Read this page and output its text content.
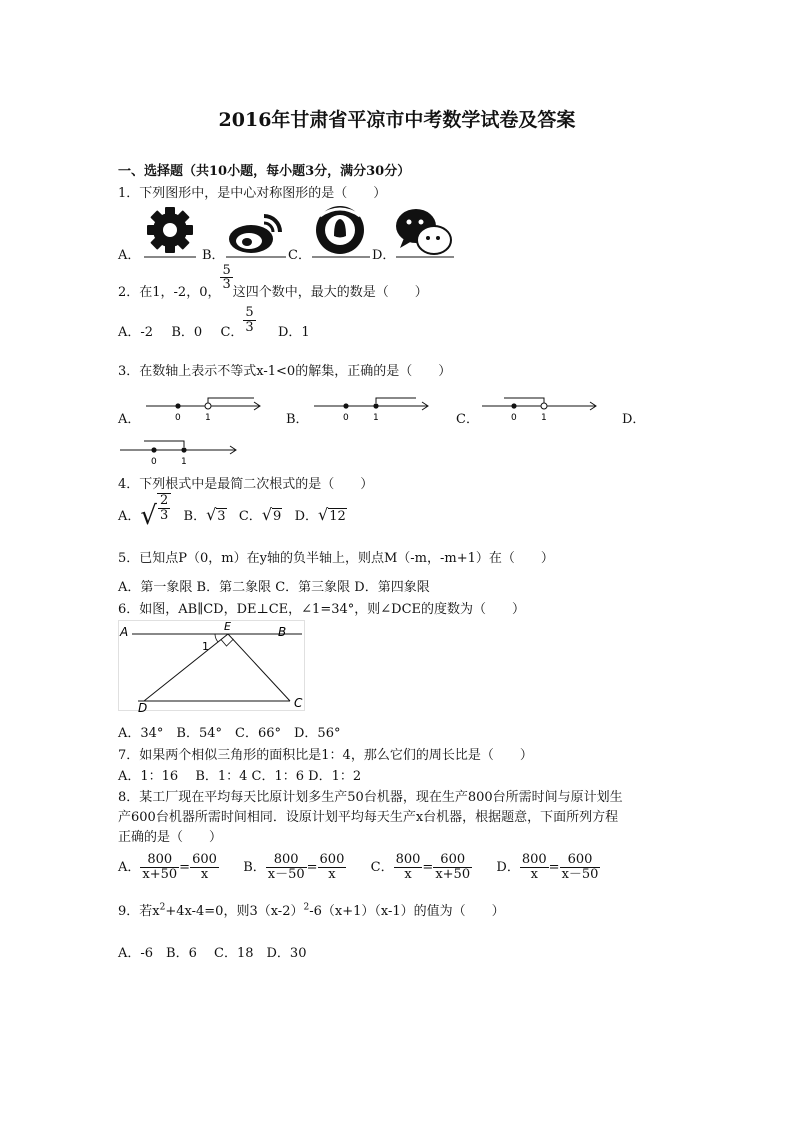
2016年甘肃省平凉市中考数学试卷及答案
一、选择题（共10小题，每小题3分，满分30分）
1．下列图形中，是中心对称图形的是（　　）
A．	B．	C．	D．
2．在1，-2，0，
$\frac{5}{3}$
这四个数中，最大的数是（　　）
A．-2 B．0 C． $\frac{5}{3}$ D．1
3．在数轴上表示不等式x-1<0的解集，正确的是（　　）
A．	0	1	B．	0	1	C．	0	1	D．
0	1
4．下列根式中是最简二次根式的是（　　）
A．√ $\frac{2}{3}$ B．√3 C．√9 D．√12
5．已知点P（0，m）在y轴的负半轴上，则点M（-m，-m+1）在（　　）
A．第一象限 B．第二象限 C．第三象限 D．第四象限
6．如图，AB∥CD，DE⊥CE，∠1=34°，则∠DCE的度数为（　　）
A	B
C
D
E
1
A．34°　B．54°　C．66°　D．56°
7．如果两个相似三角形的面积比是1：4，那么它们的周长比是（　　）
A．1：16　 B．1：4 C．1：6 D．1：2
8．某工厂现在平均每天比原计划多生产50台机器，现在生产800台所需时间与原计划生
产600台机器所需时间相同．设原计划平均每天生产x台机器，根据题意，下面所列方程
正确的是（　　）
A． $\frac{800}{x+50} = \frac{600}{x}$ B． $\frac{800}{x-50} = \frac{600}{x}$ C． $\frac{800}{x} = \frac{600}{x+50}$ D． $\frac{800}{x} = \frac{600}{x-50}$
9．若$x^2+4x-4=0$，则$3(x-2)^2-6(x+1)(x-1)$的值为（　　）
A．-6　B．6　 C．18　D．30
